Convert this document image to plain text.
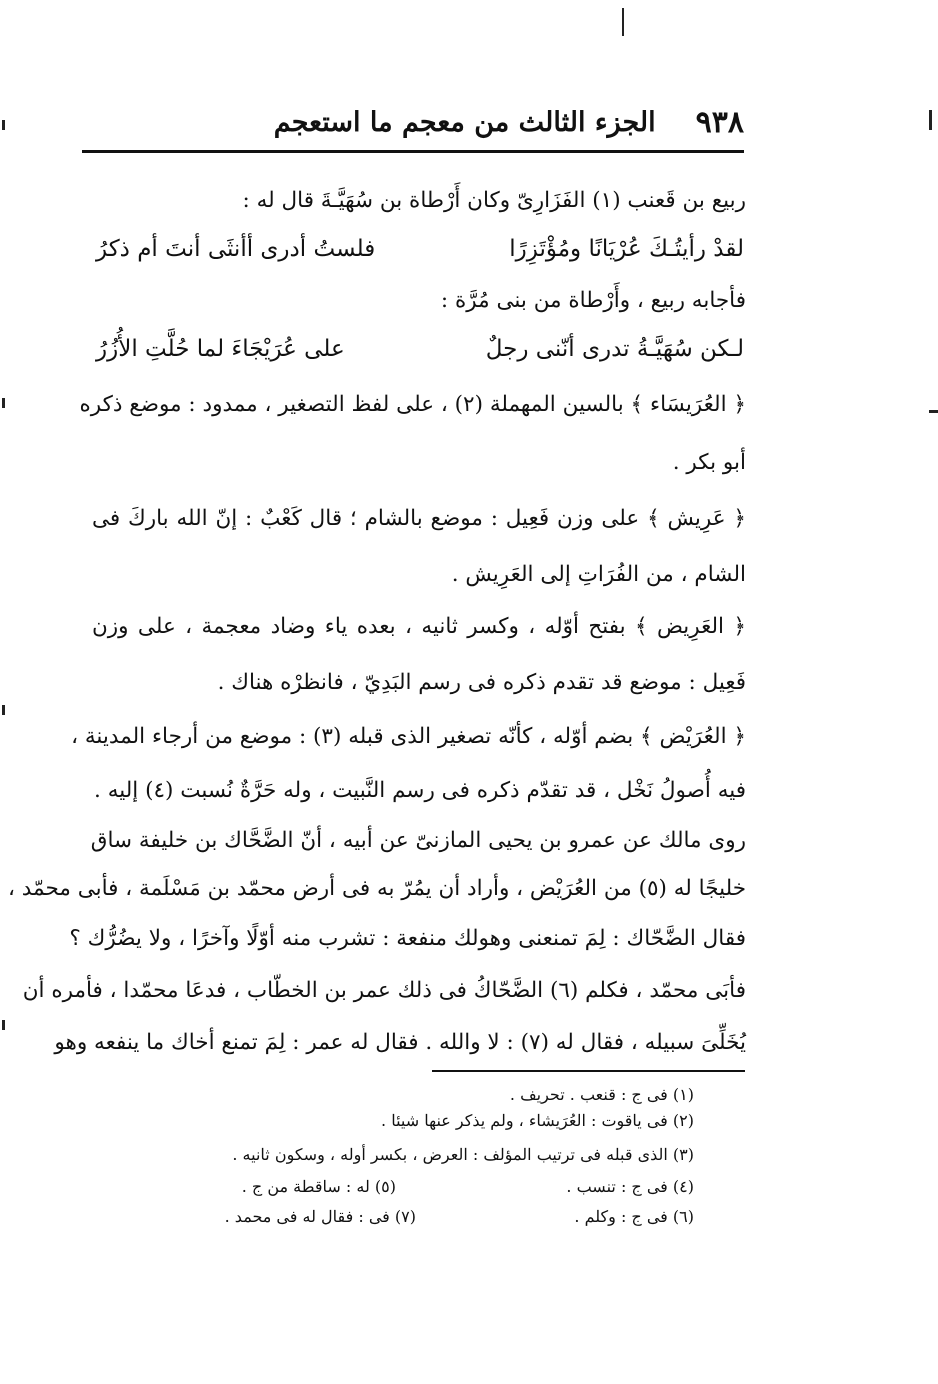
٩٣٨
الجزء الثالث من معجم ما استعجم
ربيع بن قَعنب (١) الفَزَارِىّ وكان أَرْطاة بن سُهَيَّـةَ قال له :
لقدْ رأيتُـكَ عُرْيَانًا ومُؤْتَزِرًا
فلستُ أدرى أأنثَى أنتَ أم ذكرُ
فأجابه ربيع ، وأَرْطاة من بنى مُرَّة :
لـكن سُهَيَّـةُ تدرى أنّنى رجلٌ
على عُرَيْجَاءَ لما حُلَّتِ الأُزُرُ
﴿ العُرَيسَاء ﴾ بالسين المهملة (٢) ، على لفظ التصغير ، ممدود : موضع ذكره
أبو بكر .
﴿ عَرِيش ﴾ على وزن فَعِيل : موضع بالشام ؛ قال كَعْبٌ : إنّ الله باركَ فى
الشام ، من الفُرَاتِ إلى العَرِيش .
﴿ العَرِيض ﴾ بفتح أوّله ، وكسر ثانيه ، بعده ياء وضاد معجمة ، على وزن
فَعِيل : موضع قد تقدم ذكره فى رسم البَدِيّ ، فانظرْه هناك .
﴿ العُرَيْض ﴾ بضم أوّله ، كأنّه تصغير الذى قبله (٣) : موضع من أرجاء المدينة ،
فيه أُصولُ نَخْل ، قد تقدّم ذكره فى رسم النَّبيت ، وله حَرَّةٌ نُسبت (٤) إليه .
روى مالك عن عمرو بن يحيى المازنىّ عن أبيه ، أنّ الضَّحَّاك بن خليفة ساق
خليجًا له (٥) من العُرَيْض ، وأراد أن يمُرّ به فى أرض محمّد بن مَسْلَمة ، فأبى محمّد ،
فقال الضَّحّاك : لِمَ تمنعنى وهولك منفعة : تشرب منه أوّلًا وآخرًا ، ولا يضُرُّك ؟
فأبَى محمّد ، فكلم (٦) الضَّحّاكُ فى ذلك عمر بن الخطّاب ، فدعَا محمّدا ، فأمره أن
يُخَلِّىَ سبيله ، فقال له (٧) : لا والله . فقال له عمر : لِمَ تمنع أخاك ما ينفعه وهو
(١) فى ج : قنعب . تحريف .
(٢) فى ياقوت : العُرَيشاء ، ولم يذكر عنها شيئا .
(٣) الذى قبله فى ترتيب المؤلف : العرض ، بكسر أوله ، وسكون ثانيه .
(٤) فى ج : تنسب .
(٥) له : ساقطة من ج .
(٦) فى ج : وكلم .
(٧) فى : فقال له فى محمد .
